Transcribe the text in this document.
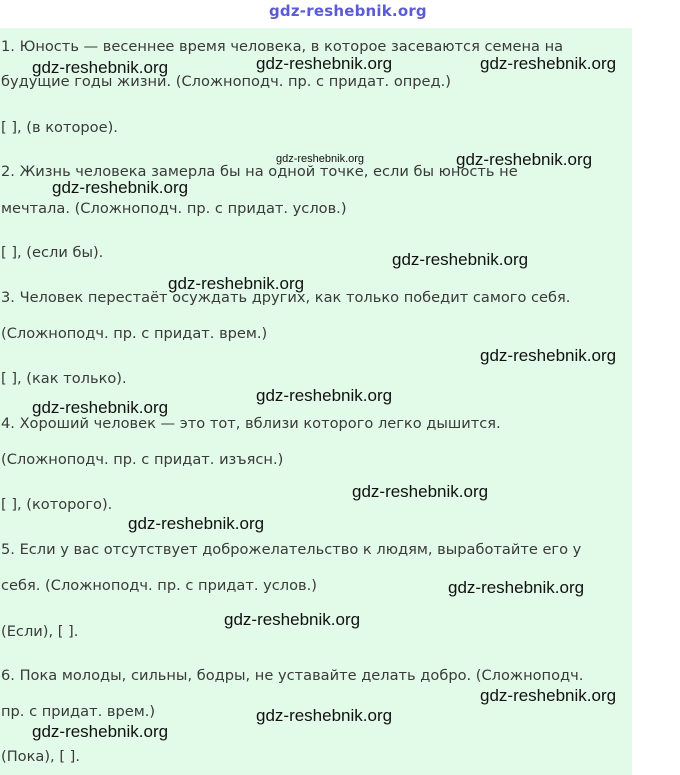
gdz-reshebnik.org
1. Юность — весеннее время человека, в которое засеваются семена на
будущие годы жизни. (Сложноподч. пр. с придат. опред.)
[ ], (в которое).
2. Жизнь человека замерла бы на одной точке, если бы юность не
мечтала. (Сложноподч. пр. с придат. услов.)
[ ], (если бы).
3. Человек перестаёт осуждать других, как только победит самого себя.
(Сложноподч. пр. с придат. врем.)
[ ], (как только).
4. Хороший человек — это тот, вблизи которого легко дышится.
(Сложноподч. пр. с придат. изъясн.)
[ ], (которого).
5. Если у вас отсутствует доброжелательство к людям, выработайте его у
себя. (Сложноподч. пр. с придат. услов.)
(Если), [ ].
6. Пока молоды, сильны, бодры, не уставайте делать добро. (Сложноподч.
пр. с придат. врем.)
(Пока), [ ].
gdz-reshebnik.org	gdz-reshebnik.org	gdz-reshebnik.org
gdz-reshebnik.org	gdz-reshebnik.org
gdz-reshebnik.org
gdz-reshebnik.org
gdz-reshebnik.org
gdz-reshebnik.org
gdz-reshebnik.org
gdz-reshebnik.org
gdz-reshebnik.org
gdz-reshebnik.org
gdz-reshebnik.org
gdz-reshebnik.org
gdz-reshebnik.org
gdz-reshebnik.org
gdz-reshebnik.org
